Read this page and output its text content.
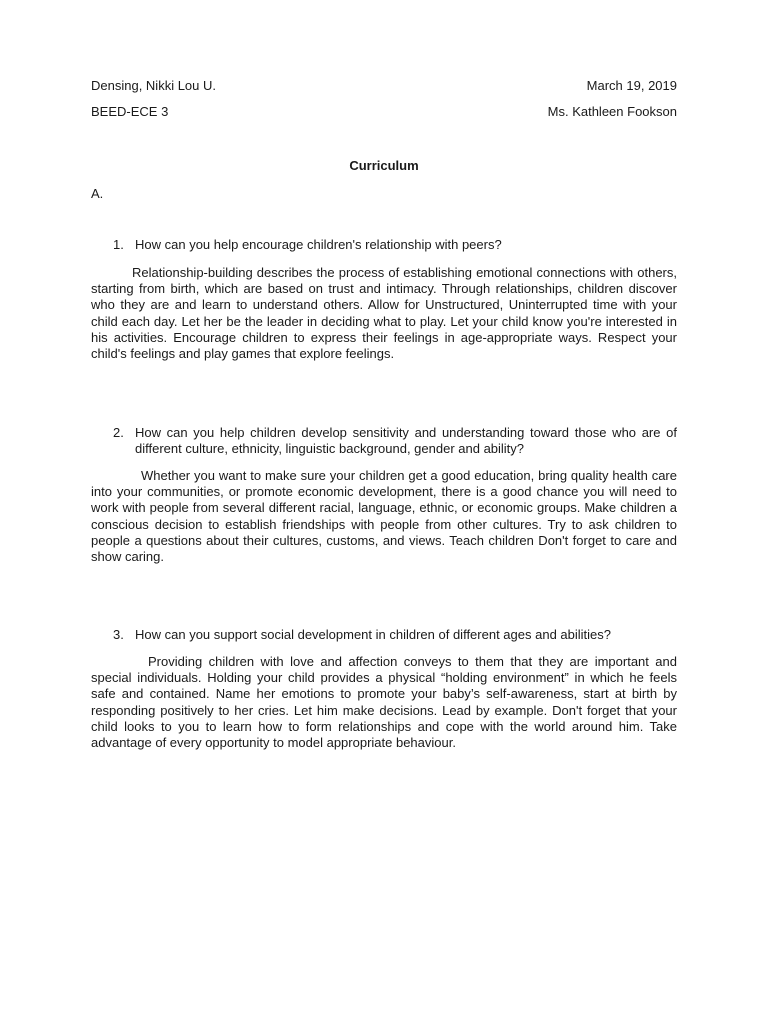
Densing, Nikki Lou U.	March 19, 2019
BEED-ECE 3	Ms. Kathleen Fookson
Curriculum
A.
1. How can you help encourage children's relationship with peers?
Relationship-building describes the process of establishing emotional connections with others, starting from birth, which are based on trust and intimacy. Through relationships, children discover who they are and learn to understand others. Allow for Unstructured, Uninterrupted time with your child each day. Let her be the leader in deciding what to play. Let your child know you're interested in his activities. Encourage children to express their feelings in age-appropriate ways. Respect your child's feelings and play games that explore feelings.
2. How can you help children develop sensitivity and understanding toward those who are of different culture, ethnicity, linguistic background, gender and ability?
Whether you want to make sure your children get a good education, bring quality health care into your communities, or promote economic development, there is a good chance you will need to work with people from several different racial, language, ethnic, or economic groups. Make children a conscious decision to establish friendships with people from other cultures. Try to ask children to people a questions about their cultures, customs, and views. Teach children Don't forget to care and show caring.
3. How can you support social development in children of different ages and abilities?
Providing children with love and affection conveys to them that they are important and special individuals. Holding your child provides a physical “holding environment” in which he feels safe and contained. Name her emotions to promote your baby’s self-awareness, start at birth by responding positively to her cries. Let him make decisions. Lead by example. Don't forget that your child looks to you to learn how to form relationships and cope with the world around him. Take advantage of every opportunity to model appropriate behaviour.
